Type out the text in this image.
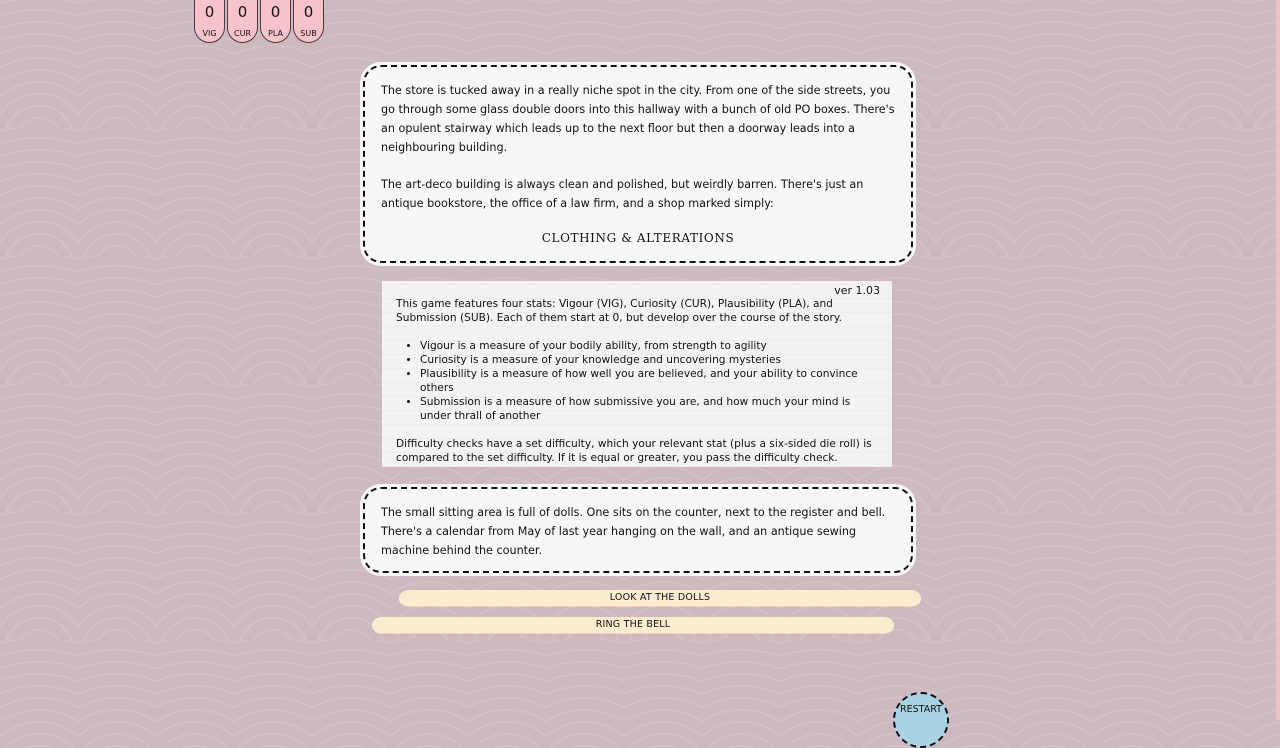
0
VIG
0
CUR
0
PLA
0
SUB

The store is tucked away in a really niche spot in the city. From one of the side streets, you go through some glass double doors into this hallway with a bunch of old PO boxes. There's an opulent stairway which leads up to the next floor but then a doorway leads into a neighbouring building.

The art-deco building is always clean and polished, but weirdly barren. There's just an antique bookstore, the office of a law firm, and a shop marked simply:

CLOTHING & ALTERATIONS
ver 1.03

This game features four stats: Vigour (VIG), Curiosity (CUR), Plausibility (PLA), and Submission (SUB). Each of them start at 0, but develop over the course of the story.

• Vigour is a measure of your bodily ability, from strength to agility
• Curiosity is a measure of your knowledge and uncovering mysteries
• Plausibility is a measure of how well you are believed, and your ability to convince others
• Submission is a measure of how submissive you are, and how much your mind is under thrall of another

Difficulty checks have a set difficulty, which your relevant stat (plus a six-sided die roll) is compared to the set difficulty. If it is equal or greater, you pass the difficulty check.

The small sitting area is full of dolls. One sits on the counter, next to the register and bell. There's a calendar from May of last year hanging on the wall, and an antique sewing machine behind the counter.

LOOK AT THE DOLLS
RING THE BELL
RESTART
